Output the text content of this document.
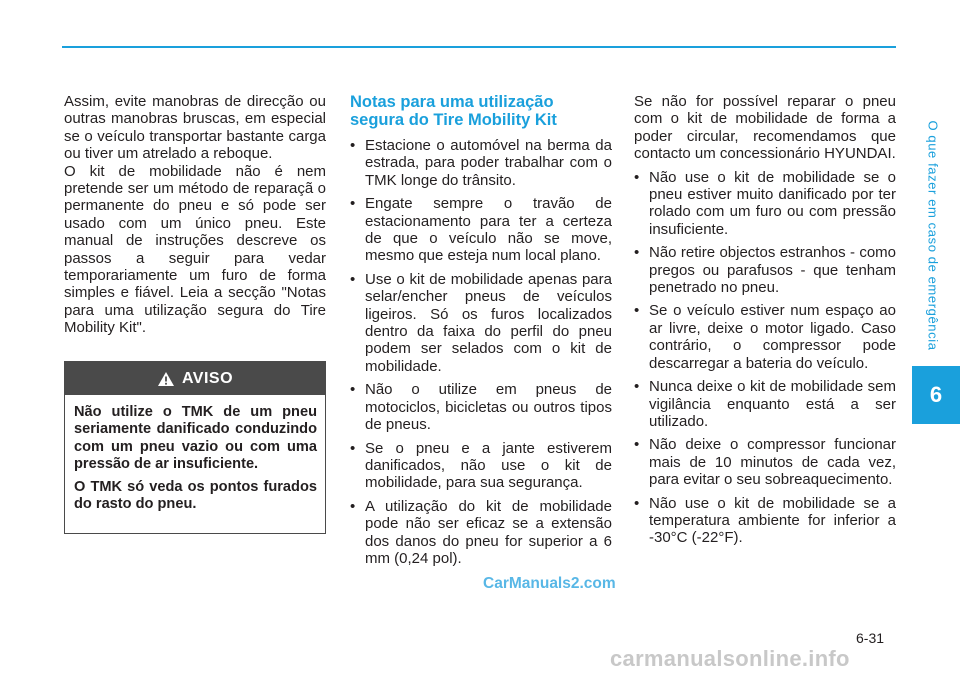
O que fazer em caso de emergência
6

Assim, evite manobras de direcção ou outras manobras bruscas, em especial se o veículo transportar bastante carga ou tiver um atrelado a reboque.

O kit de mobilidade não é nem pretende ser um método de reparaçã o permanente do pneu e só pode ser usado com um único pneu. Este manual de instruções descreve os passos a seguir para vedar temporariamente um furo de forma simples e fiável. Leia a secção "Notas para uma utilização segura do Tire Mobility Kit".

AVISO

Não utilize o TMK de um pneu seriamente danificado conduzindo com um pneu vazio ou com uma pressão de ar insuficiente.

O TMK só veda os pontos furados do rasto do pneu.

Notas para uma utilização
segura do Tire Mobility Kit
• Estacione o automóvel na berma da estrada, para poder trabalhar com o TMK longe do trânsito.
• Engate sempre o travão de estacionamento para ter a certeza de que o veículo não se move, mesmo que esteja num local plano.
• Use o kit de mobilidade apenas para selar/encher pneus de veículos ligeiros. Só os furos localizados dentro da faixa do perfil do pneu podem ser selados com o kit de mobilidade.
• Não o utilize em pneus de motociclos, bicicletas ou outros tipos de pneus.
• Se o pneu e a jante estiverem danificados, não use o kit de mobilidade, para sua segurança.
• A utilização do kit de mobilidade pode não ser eficaz se a extensão dos danos do pneu for superior a 6 mm (0,24 pol).

Se não for possível reparar o pneu com o kit de mobilidade de forma a poder circular, recomendamos que contacto um concessionário HYUNDAI.

• Não use o kit de mobilidade se o pneu estiver muito danificado por ter rolado com um furo ou com pressão insuficiente.
• Não retire objectos estranhos - como pregos ou parafusos - que tenham penetrado no pneu.
• Se o veículo estiver num espaço ao ar livre, deixe o motor ligado. Caso contrário, o compressor pode descarregar a bateria do veículo.
• Nunca deixe o kit de mobilidade sem vigilância enquanto está a ser utilizado.
• Não deixe o compressor funcionar mais de 10 minutos de cada vez, para evitar o seu sobreaquecimento.
• Não use o kit de mobilidade se a temperatura ambiente for inferior a -30°C (-22°F).
CarManuals2.com
6-31
carmanualsonline.info
